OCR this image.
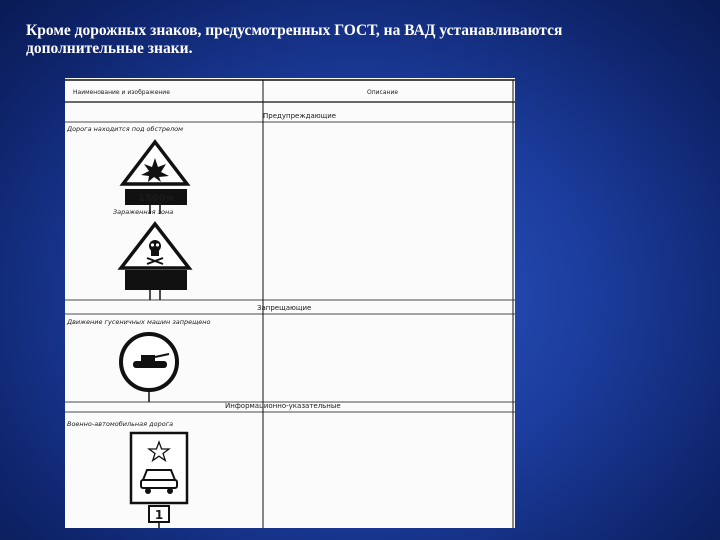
Кроме дорожных знаков, предусмотренных ГОСТ, на ВАД устанавливаются
дополнительные знаки.
Наименование и изображение	Описание
Предупреждающие
Дорога находится под обстрелом
1500м
Зараженная зона
Запрещающие
Движение гусеничных машин запрещено
Информационно-указательные
Военно-автомобильная дорога
1
